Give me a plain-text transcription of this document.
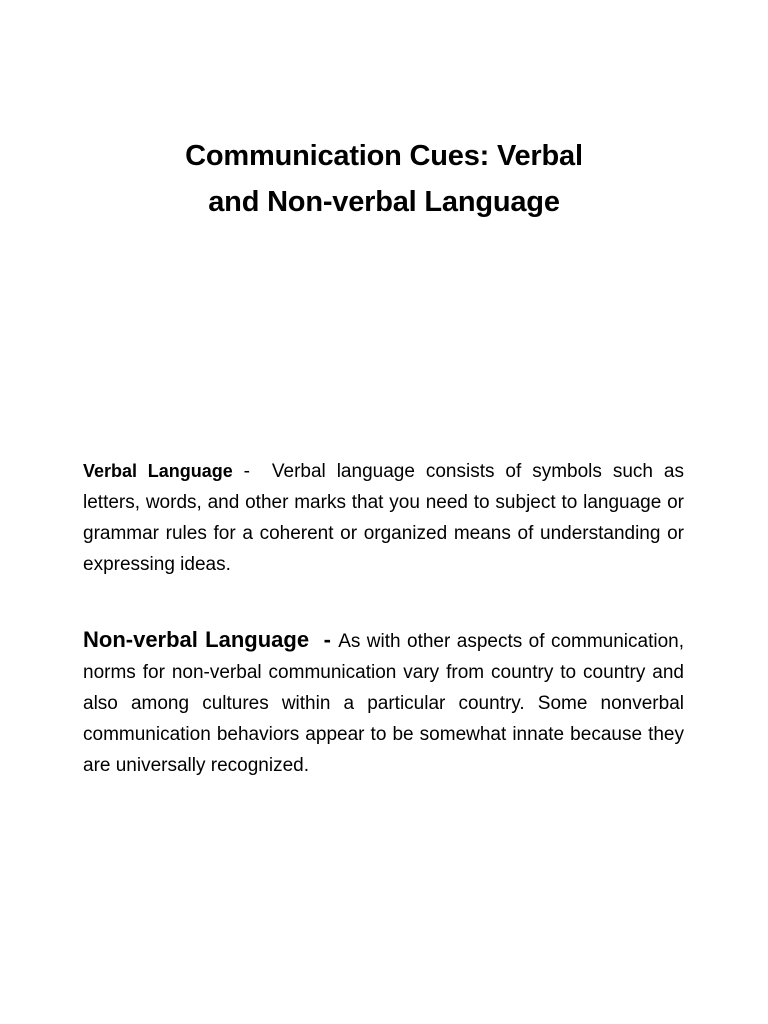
Communication Cues: Verbal
and Non-verbal Language

Verbal Language -  Verbal language consists of symbols such as letters, words, and other marks that you need to subject to language or grammar rules for a coherent or organized means of understanding or expressing ideas.

Non-verbal Language  - As with other aspects of communication, norms for non-verbal communication vary from country to country and also among cultures within a particular country. Some nonverbal communication behaviors appear to be somewhat innate because they are universally recognized.
